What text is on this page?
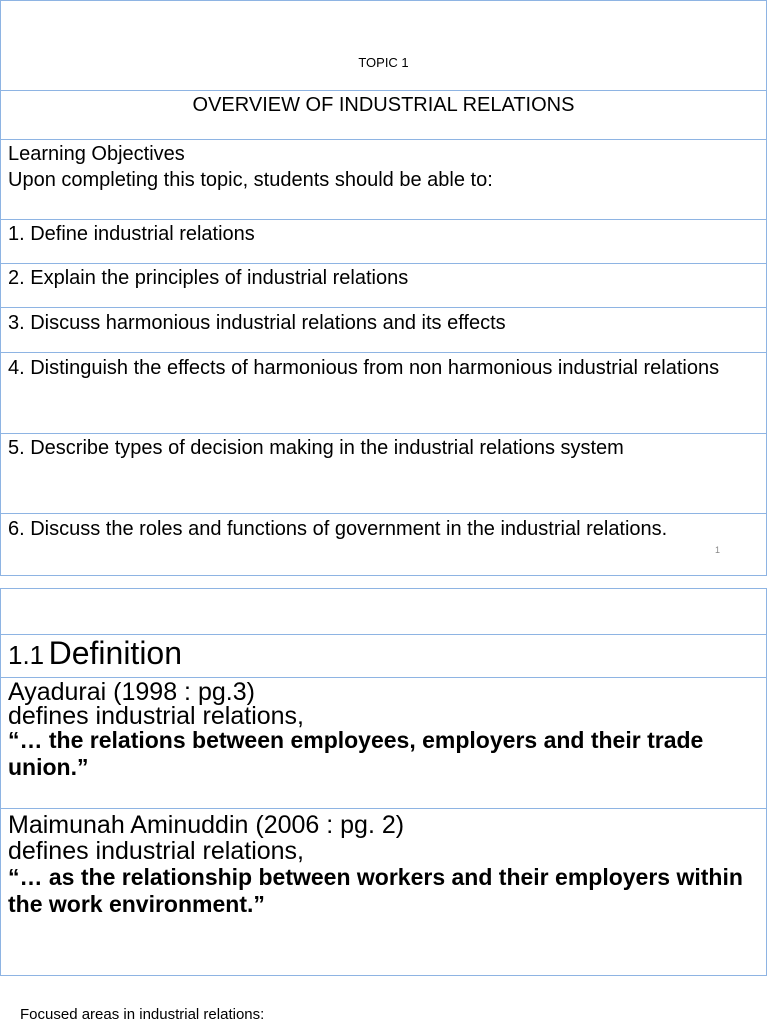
TOPIC 1
OVERVIEW OF INDUSTRIAL RELATIONS
Learning Objectives
Upon completing this topic, students should be able to:
1. Define industrial relations
2. Explain the principles of industrial relations
3. Discuss harmonious industrial relations and its effects
4. Distinguish the effects of harmonious from non harmonious industrial relations
5. Describe types of decision making in the industrial relations system
6. Discuss the roles and functions of government in the industrial relations.
1
1.1 Definition
Ayadurai (1998 : pg.3)
defines industrial relations,
“… the relations between employees, employers and their trade union.”
Maimunah Aminuddin (2006 : pg. 2)
defines industrial relations,
“… as the relationship between workers and their employers within the work environment.”
Focused areas in industrial relations:
